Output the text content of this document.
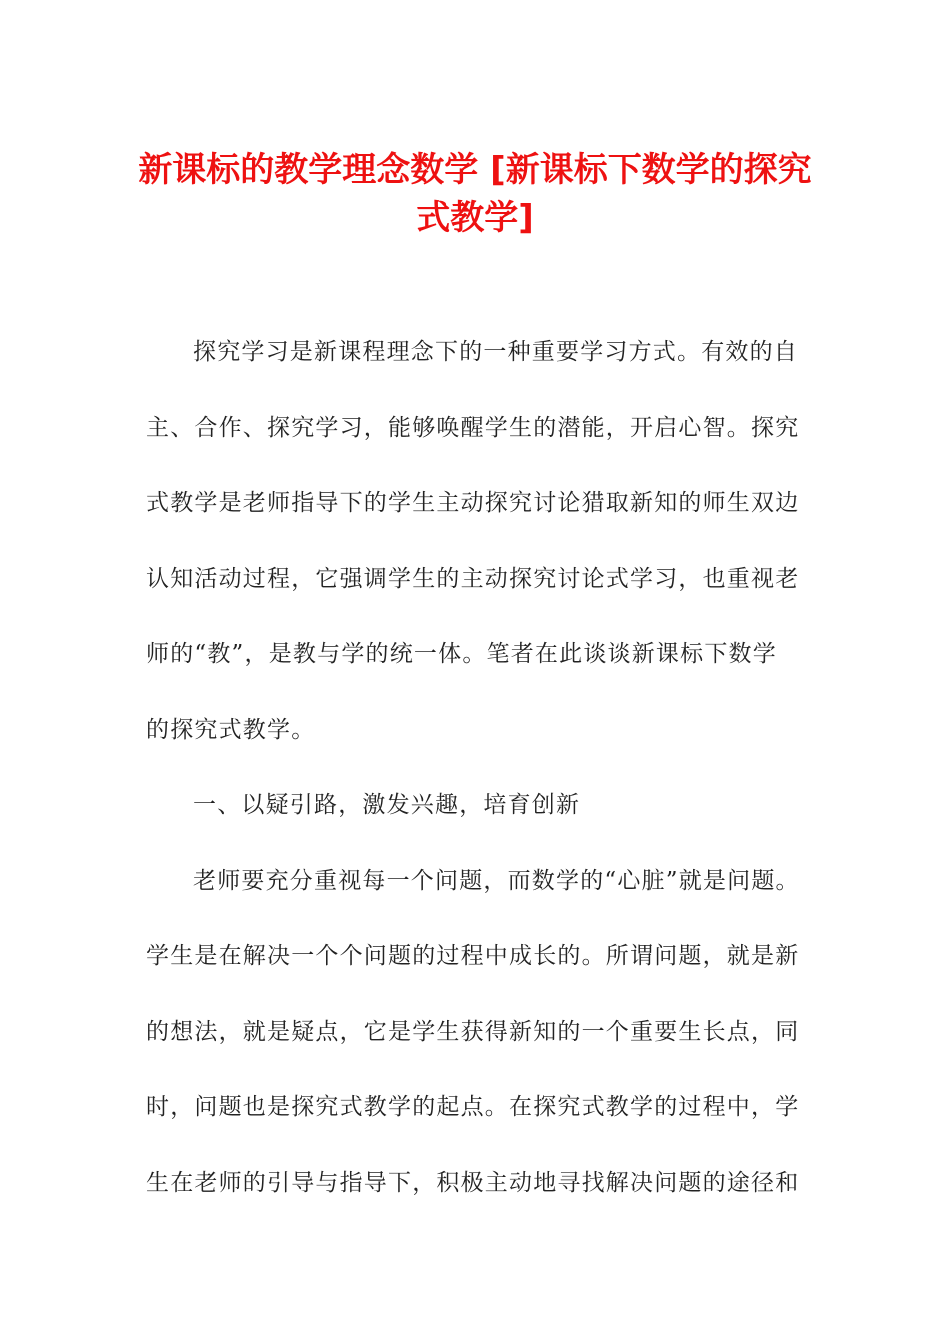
新课标的教学理念数学 [新课标下数学的探究
式教学]
探究学习是新课程理念下的一种重要学习方式。有效的自
主、合作、探究学习，能够唤醒学生的潜能，开启心智。探究
式教学是老师指导下的学生主动探究讨论猎取新知的师生双边
认知活动过程，它强调学生的主动探究讨论式学习，也重视老
师的“教”，是教与学的统一体。笔者在此谈谈新课标下数学
的探究式教学。
一、以疑引路，激发兴趣，培育创新
老师要充分重视每一个问题，而数学的“心脏”就是问题。
学生是在解决一个个问题的过程中成长的。所谓问题，就是新
的想法，就是疑点，它是学生获得新知的一个重要生长点，同
时，问题也是探究式教学的起点。在探究式教学的过程中，学
生在老师的引导与指导下，积极主动地寻找解决问题的途径和
